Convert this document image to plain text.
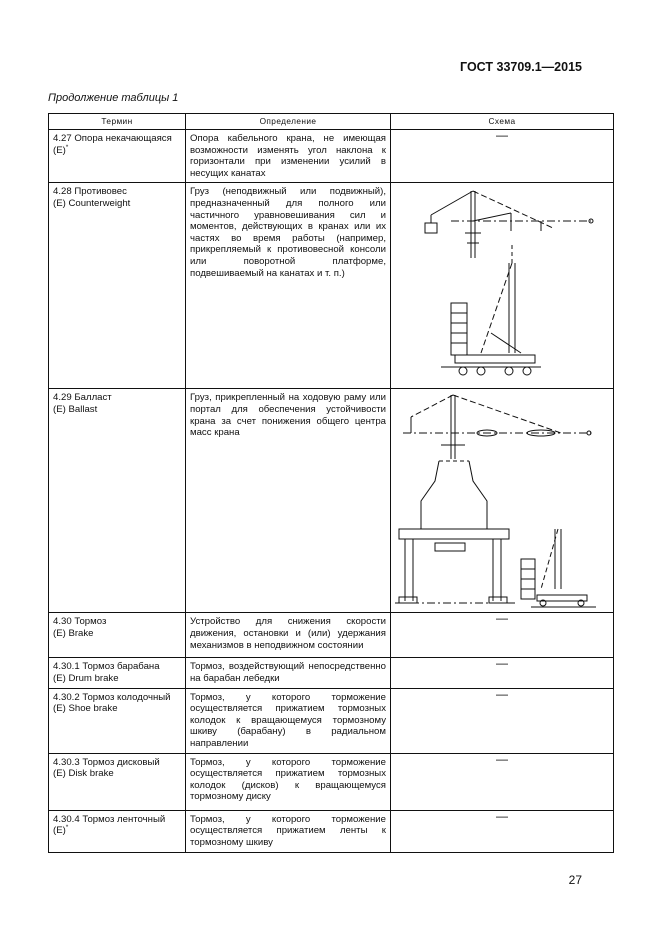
ГОСТ 33709.1—2015
Продолжение таблицы 1
Термин	Определение	Схема

4.27 Опора некачающаяся
(E)*	Опора кабельного крана, не имеющая возможности изменять угол наклона к горизонтали при изменении усилий в несущих канатах	—

4.28 Противовес
(E) Counterweight	Груз (неподвижный или подвижный), предназначенный для полного или частичного уравновешивания сил и моментов, действующих в кранах или их частях во время работы (например, прикрепляемый к противовесной консоли или поворотной платформе, подвешиваемый на канатах и т. п.)	

4.29 Балласт
(E) Ballast	Груз, прикрепленный на ходовую раму или портал для обеспечения устойчивости крана за счет понижения общего центра масс крана	

4.30 Тормоз
(E) Brake	Устройство для снижения скорости движения, остановки и (или) удержания механизмов в неподвижном состоянии	—

4.30.1 Тормоз барабана
(E) Drum brake	Тормоз, воздействующий непосредственно на барабан лебедки	—

4.30.2 Тормоз колодочный
(E) Shoe brake	Тормоз, у которого торможение осуществляется прижатием тормозных колодок к вращающемуся тормозному шкиву (барабану) в радиальном направлении	—

4.30.3 Тормоз дисковый
(E) Disk brake	Тормоз, у которого торможение осуществляется прижатием тормозных колодок (дисков) к вращающемуся тормозному диску	—

4.30.4 Тормоз ленточный
(E)*	Тормоз, у которого торможение осуществляется прижатием ленты к тормозному шкиву	—
27
